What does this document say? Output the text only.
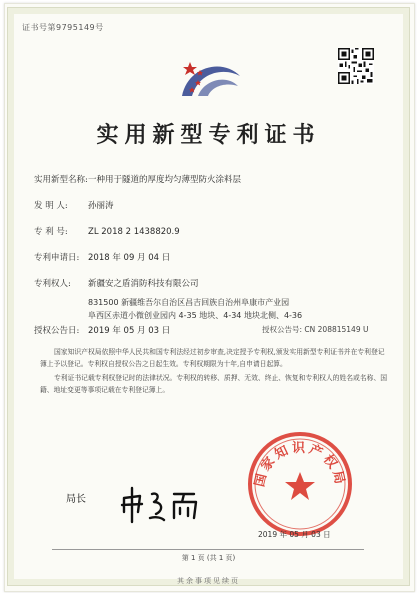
证书号第9795149号
实用新型专利证书
实用新型名称:一种用于隧道的厚度均匀薄型防火涂料层
发 明 人: 孙丽涛
专 利 号: ZL 2018 2 1438820.9
专利申请日: 2018 年 09 月 04 日
专利权人: 新疆安之盾消防科技有限公司
831500 新疆维吾尔自治区昌吉回族自治州阜康市产业园
阜西区赤道小微创业园内 4-35 地块、4-34 地块北侧、4-36
授权公告日: 2019 年 05 月 03 日	授权公告号: CN 208815149 U

国家知识产权局依照中华人民共和国专利法经过初步审查,决定授予专利权,颁发实用新型专利证书并在专利登记簿上予以登记。专利权自授权公告之日起生效。专利权期限为十年,自申请日起算。

专利证书记载专利权登记时的法律状况。专利权的转移、质押、无效、终止、恢复和专利权人的姓名或名称、国籍、地址变更等事项记载在专利登记簿上。

局长
国家知识产权局
2019 年 05 月 03 日
第 1 页 (共 1 页)
其余事项见续页
